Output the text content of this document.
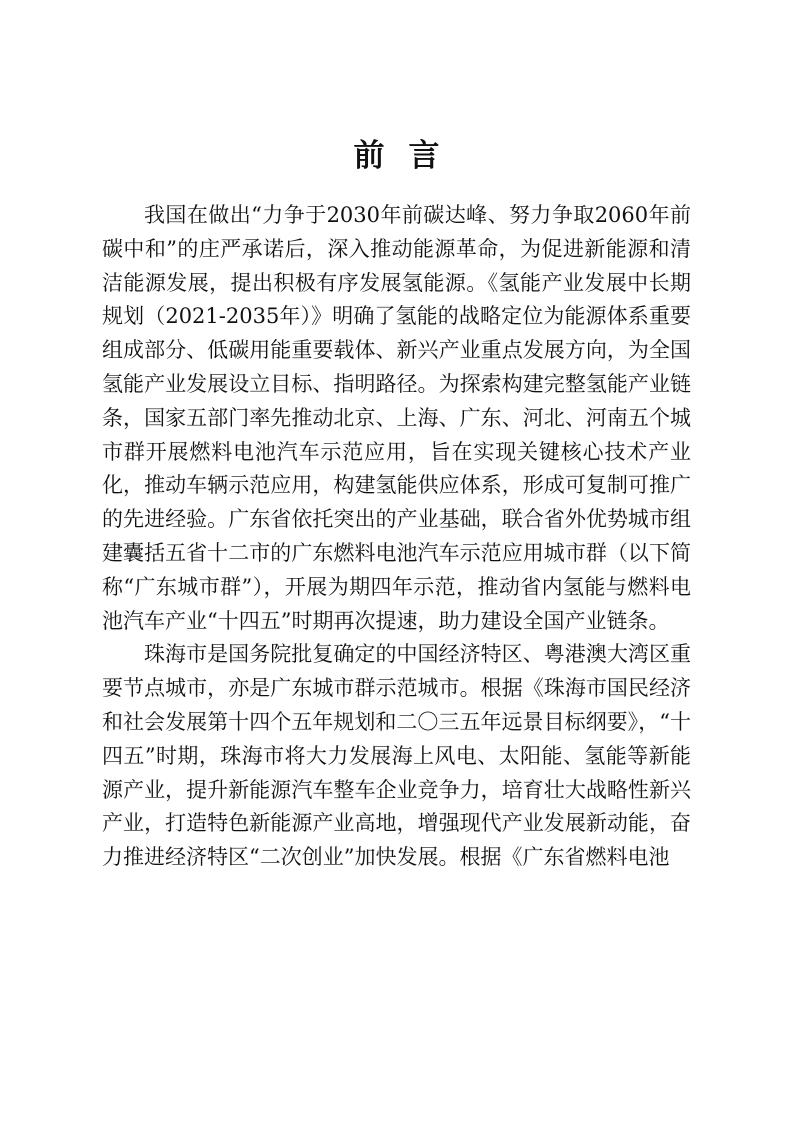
前言

我国在做出“力争于2030年前碳达峰、努力争取2060年前碳中和”的庄严承诺后，深入推动能源革命，为促进新能源和清洁能源发展，提出积极有序发展氢能源。《氢能产业发展中长期规划（2021-2035年）》明确了氢能的战略定位为能源体系重要组成部分、低碳用能重要载体、新兴产业重点发展方向，为全国氢能产业发展设立目标、指明路径。为探索构建完整氢能产业链条，国家五部门率先推动北京、上海、广东、河北、河南五个城市群开展燃料电池汽车示范应用，旨在实现关键核心技术产业化，推动车辆示范应用，构建氢能供应体系，形成可复制可推广的先进经验。广东省依托突出的产业基础，联合省外优势城市组建囊括五省十二市的广东燃料电池汽车示范应用城市群（以下简称“广东城市群”），开展为期四年示范，推动省内氢能与燃料电池汽车产业“十四五”时期再次提速，助力建设全国产业链条。

珠海市是国务院批复确定的中国经济特区、粤港澳大湾区重要节点城市，亦是广东城市群示范城市。根据《珠海市国民经济和社会发展第十四个五年规划和二〇三五年远景目标纲要》，“十四五”时期，珠海市将大力发展海上风电、太阳能、氢能等新能源产业，提升新能源汽车整车企业竞争力，培育壮大战略性新兴产业，打造特色新能源产业高地，增强现代产业发展新动能，奋力推进经济特区“二次创业”加快发展。根据《广东省燃料电池
